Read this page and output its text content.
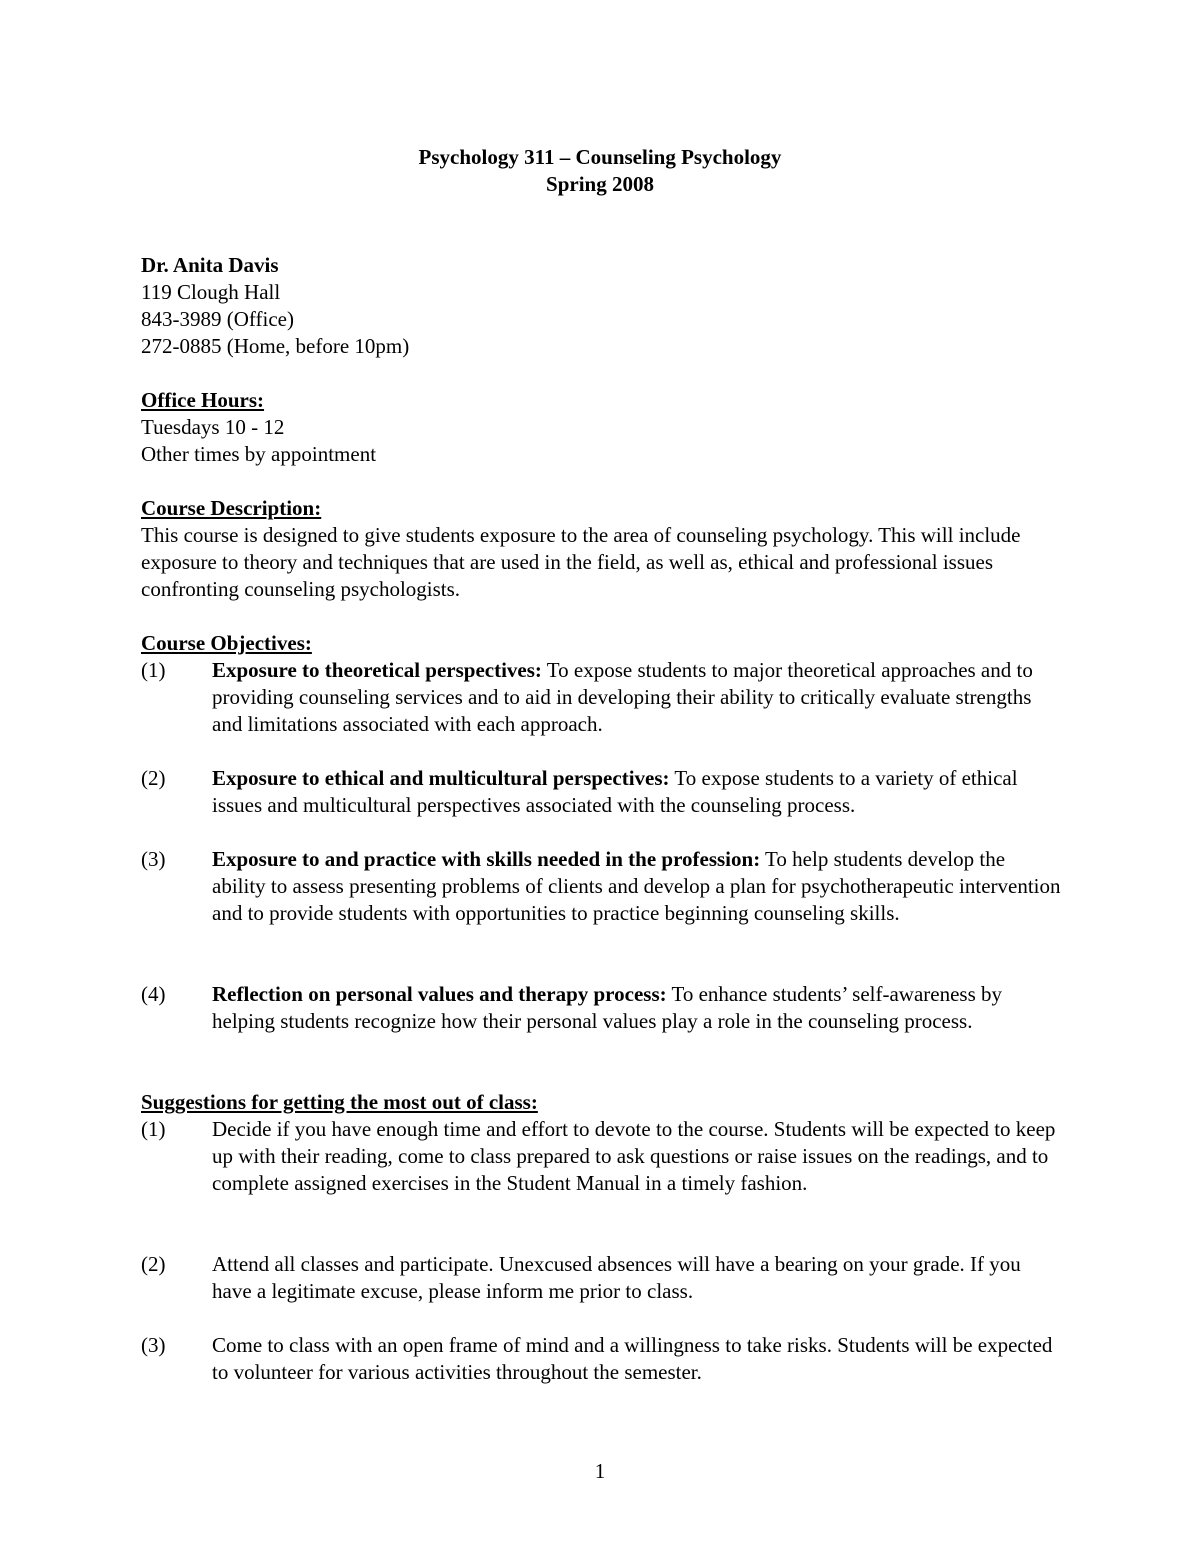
Psychology 311 – Counseling Psychology
Spring 2008
Dr. Anita Davis
119 Clough Hall
843-3989 (Office)
272-0885 (Home, before 10pm)
Office Hours:
Tuesdays 10 - 12
Other times by appointment
Course Description:
This course is designed to give students exposure to the area of counseling psychology. This will include exposure to theory and techniques that are used in the field, as well as, ethical and professional issues confronting counseling psychologists.
Course Objectives:
(1) Exposure to theoretical perspectives: To expose students to major theoretical approaches and to providing counseling services and to aid in developing their ability to critically evaluate strengths and limitations associated with each approach.
(2) Exposure to ethical and multicultural perspectives: To expose students to a variety of ethical issues and multicultural perspectives associated with the counseling process.
(3) Exposure to and practice with skills needed in the profession: To help students develop the ability to assess presenting problems of clients and develop a plan for psychotherapeutic intervention and to provide students with opportunities to practice beginning counseling skills.
(4) Reflection on personal values and therapy process: To enhance students’ self-awareness by helping students recognize how their personal values play a role in the counseling process.
Suggestions for getting the most out of class:
(1) Decide if you have enough time and effort to devote to the course. Students will be expected to keep up with their reading, come to class prepared to ask questions or raise issues on the readings, and to complete assigned exercises in the Student Manual in a timely fashion.
(2) Attend all classes and participate. Unexcused absences will have a bearing on your grade. If you have a legitimate excuse, please inform me prior to class.
(3) Come to class with an open frame of mind and a willingness to take risks. Students will be expected to volunteer for various activities throughout the semester.
1
